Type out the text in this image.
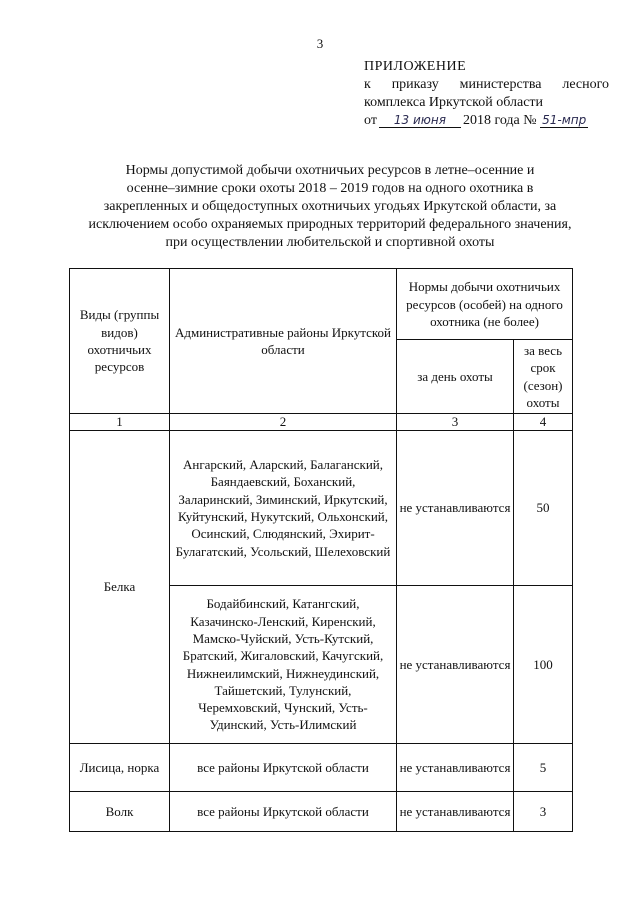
3
ПРИЛОЖЕНИЕ
к приказу министерства лесного
комплекса Иркутской области
от 13 июня 2018 года № 51-мпр
Нормы допустимой добычи охотничьих ресурсов в летне–осенние и
осенне–зимние сроки охоты 2018 – 2019 годов на одного охотника в
закрепленных и общедоступных охотничьих угодьях Иркутской области, за
исключением особо охраняемых природных территорий федерального значения,
при осуществлении любительской и спортивной охоты
Виды (группы видов) охотничьих ресурсов	Административные районы Иркутской области	Нормы добычи охотничьих ресурсов (особей) на одного охотника (не более)	
		за день охоты	за весь срок (сезон) охоты
1	2	3	4
Белка	Ангарский, Аларский, Балаганский, Баяндаевский, Боханский, Заларинский, Зиминский, Иркутский, Куйтунский, Нукутский, Ольхонский, Осинский, Слюдянский, Эхирит-Булагатский, Усольский, Шелеховский	не устанавливаются	50
	Бодайбинский, Катангский, Казачинско-Ленский, Киренский, Мамско-Чуйский, Усть-Кутский, Братский, Жигаловский, Качугский, Нижнеилимский, Нижнеудинский, Тайшетский, Тулунский, Черемховский, Чунский, Усть-Удинский, Усть-Илимский	не устанавливаются	100
Лисица, норка	все районы Иркутской области	не устанавливаются	5
Волк	все районы Иркутской области	не устанавливаются	3
